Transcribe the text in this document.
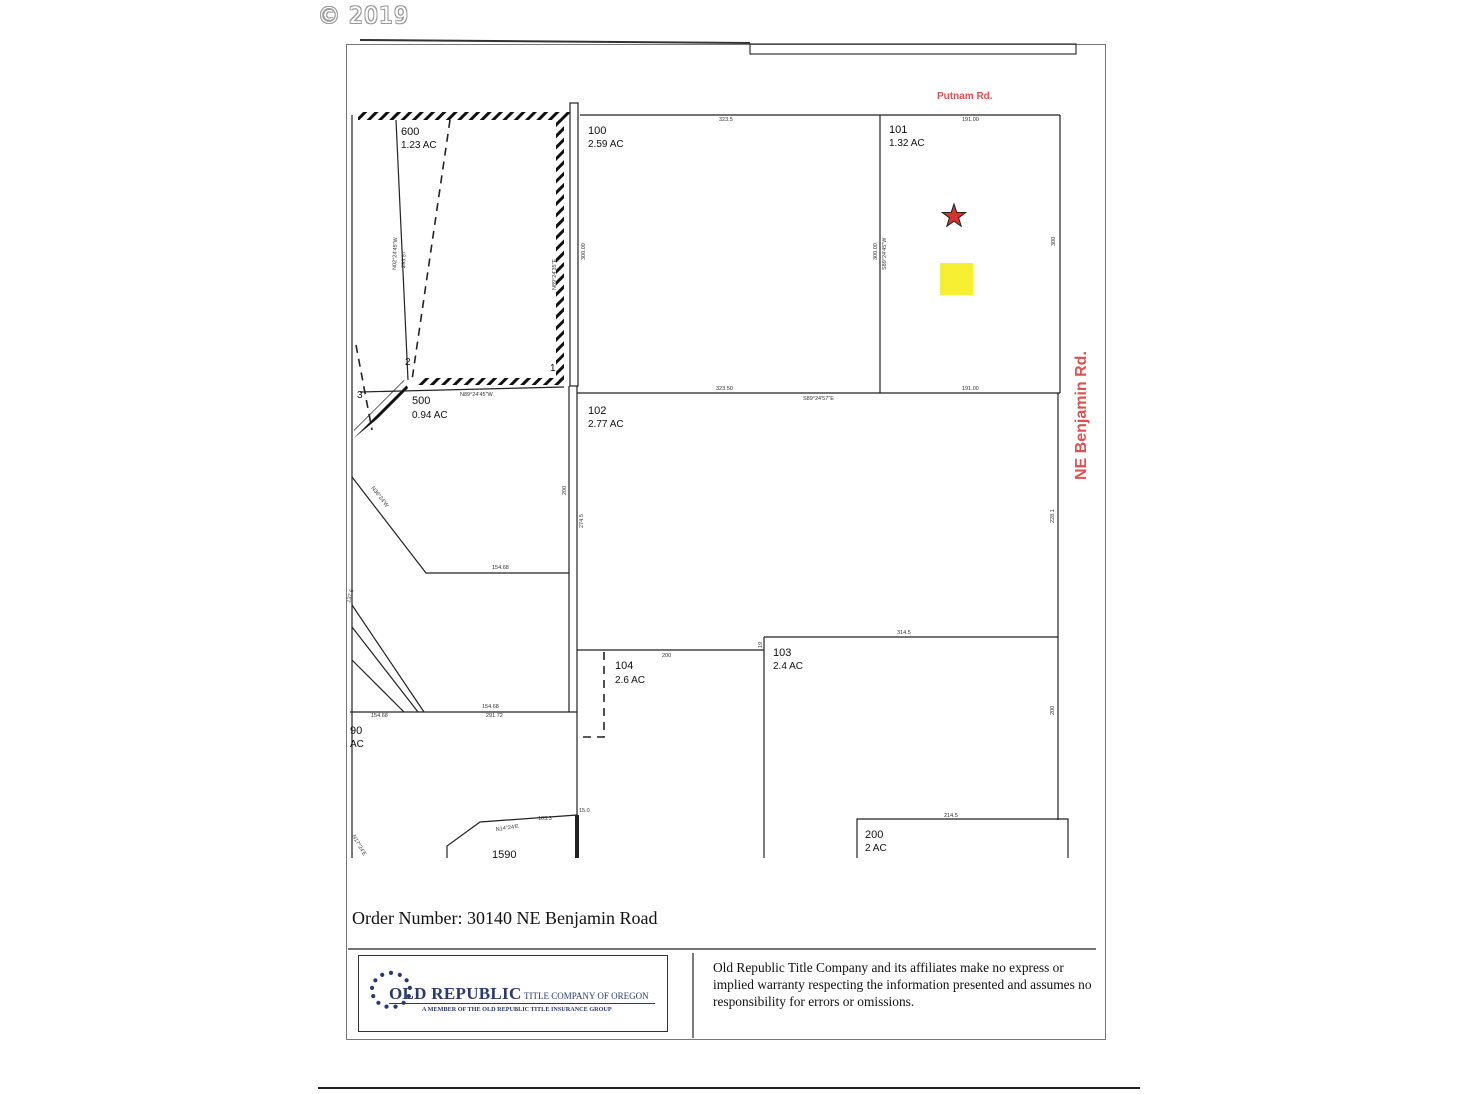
© 2019
Putnam Rd.
NE Benjamin Rd.
600
1.23 AC
100
2.59 AC
101
1.32 AC
500
0.94 AC	102
2.77 AC
104
2.6 AC
103
2.4 AC
90
AC
200
2 AC
1590
1
2
3
323.5	191.00
323.50	191.00
S89°24'57"E
N89°24'45"W
154.68
154.68
154.68	291.72
314.5
200
214.5
15.0
103.3
N14°24'E
N17°24'E
19
300.00	300.00 S89°24'45"W	300
200
274.5	228.1
200
293.57
N02°24'45"W
N89°24'35"E
N36°24'W
137.6
Order Number: 30140 NE Benjamin Road
OLD REPUBLIC TITLE COMPANY OF OREGON
A MEMBER OF THE OLD REPUBLIC TITLE INSURANCE GROUP
Old Republic Title Company and its affiliates make no express or implied warranty respecting the information presented and assumes no responsibility for errors or omissions.
